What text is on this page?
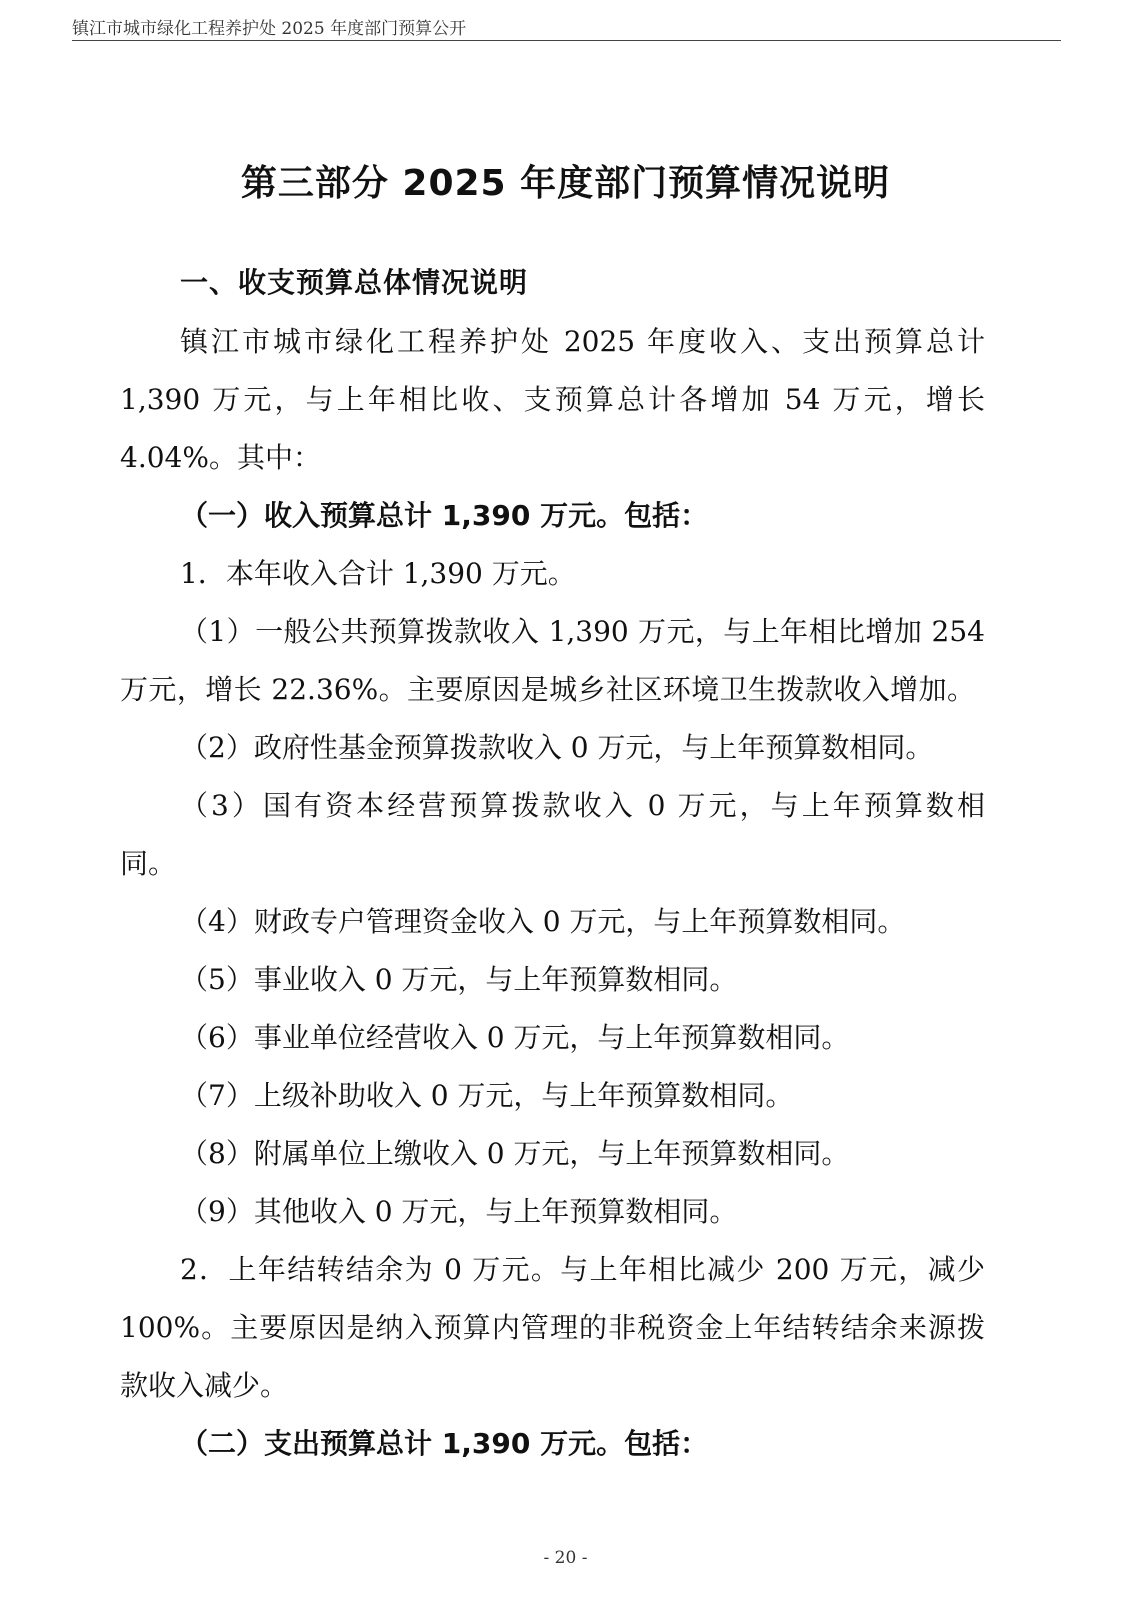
镇江市城市绿化工程养护处 2025 年度部门预算公开
第三部分 2025 年度部门预算情况说明
一、收支预算总体情况说明
镇江市城市绿化工程养护处 2025 年度收入、支出预算总计
1,390 万元，与上年相比收、支预算总计各增加 54 万元，增长
4.04%。其中：
（一）收入预算总计 1,390 万元。包括：
1．本年收入合计 1,390 万元。
（1）一般公共预算拨款收入 1,390 万元，与上年相比增加 254
万元，增长 22.36%。主要原因是城乡社区环境卫生拨款收入增加。
（2）政府性基金预算拨款收入 0 万元，与上年预算数相同。
（3）国有资本经营预算拨款收入 0 万元，与上年预算数相
同。
（4）财政专户管理资金收入 0 万元，与上年预算数相同。
（5）事业收入 0 万元，与上年预算数相同。
（6）事业单位经营收入 0 万元，与上年预算数相同。
（7）上级补助收入 0 万元，与上年预算数相同。
（8）附属单位上缴收入 0 万元，与上年预算数相同。
（9）其他收入 0 万元，与上年预算数相同。
2．上年结转结余为 0 万元。与上年相比减少 200 万元，减少
100%。主要原因是纳入预算内管理的非税资金上年结转结余来源拨
款收入减少。
（二）支出预算总计 1,390 万元。包括：
- 20 -
